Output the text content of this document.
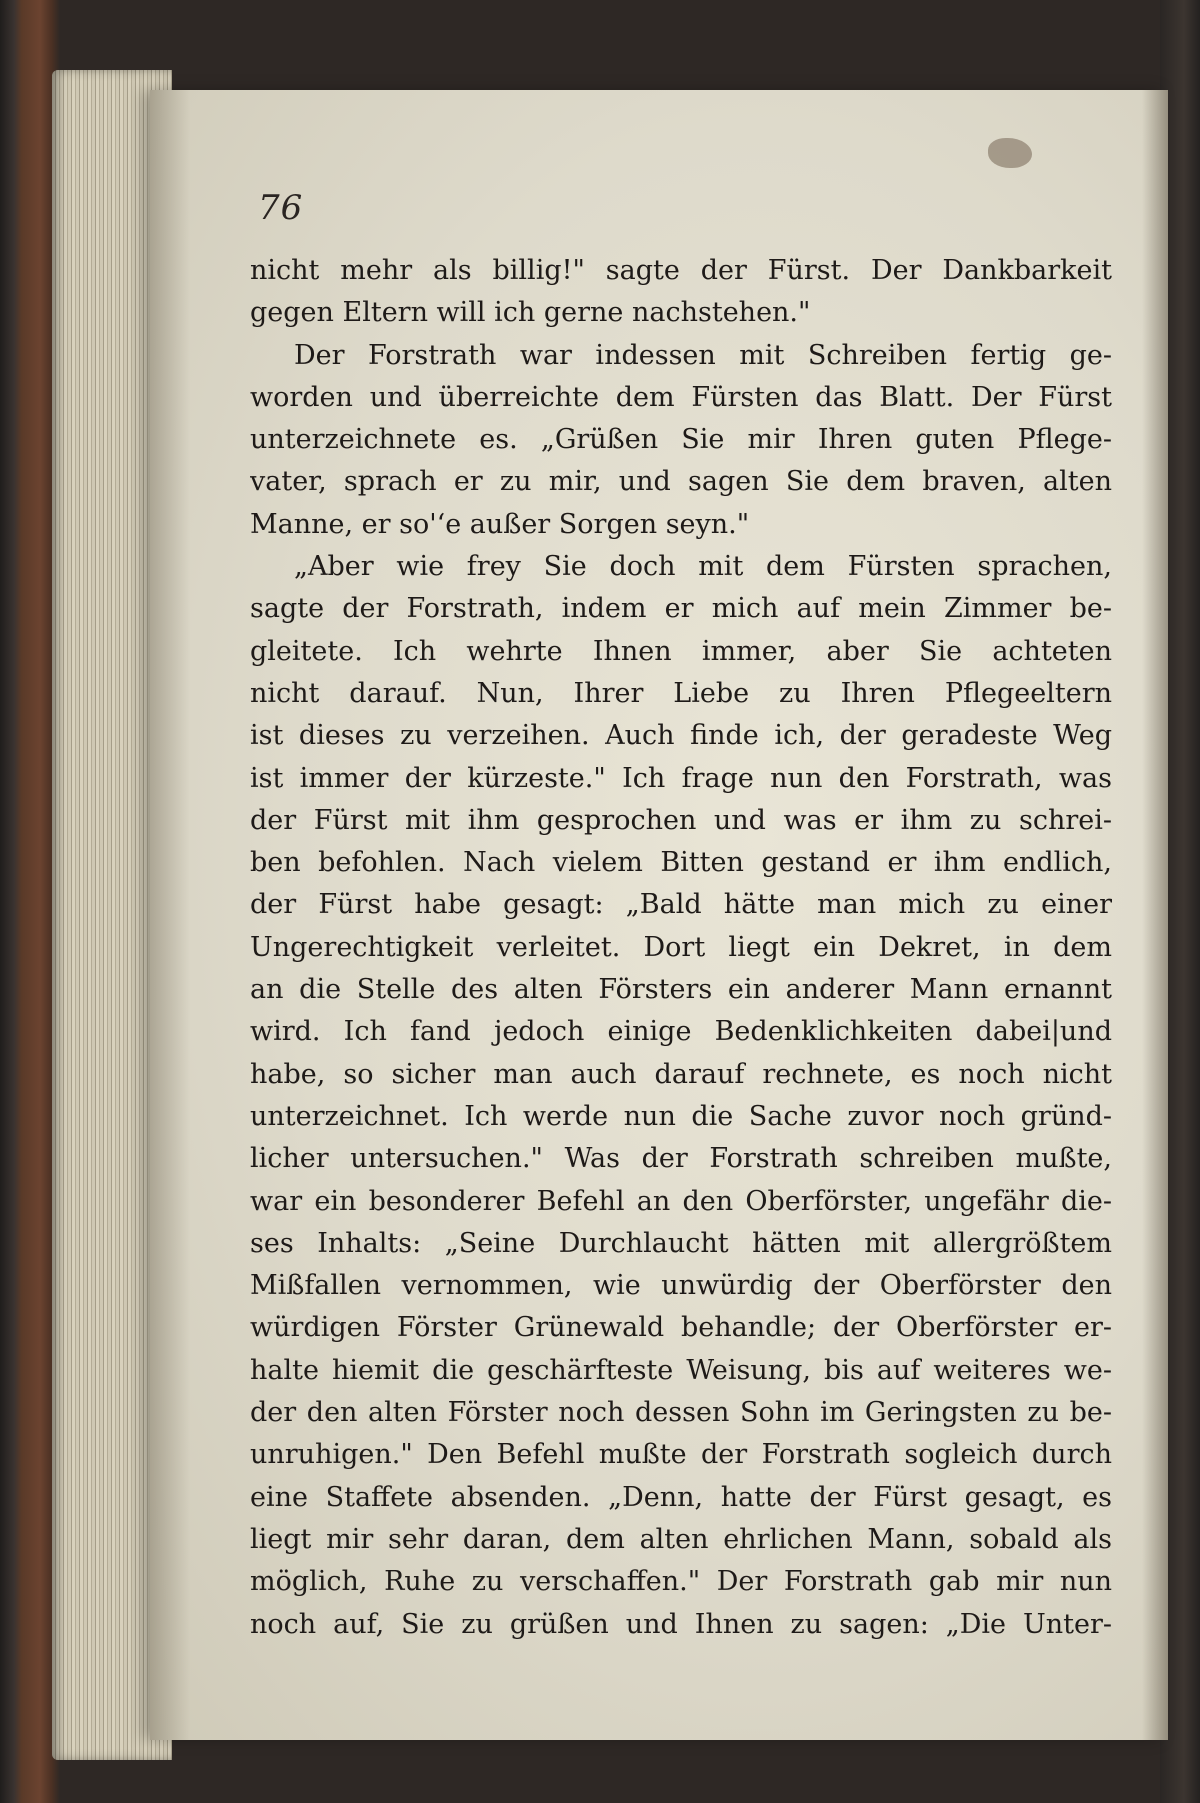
76
nicht mehr als billig!" sagte der Fürst. Der Dankbarkeit
gegen Eltern will ich gerne nachstehen."
Der Forstrath war indessen mit Schreiben fertig ge-
worden und überreichte dem Fürsten das Blatt. Der Fürst
unterzeichnete es. „Grüßen Sie mir Ihren guten Pflege-
vater, sprach er zu mir, und sagen Sie dem braven, alten
Manne, er so'‘e außer Sorgen seyn."
„Aber wie frey Sie doch mit dem Fürsten sprachen,
sagte der Forstrath, indem er mich auf mein Zimmer be-
gleitete. Ich wehrte Ihnen immer, aber Sie achteten
nicht darauf. Nun, Ihrer Liebe zu Ihren Pflegeeltern
ist dieses zu verzeihen. Auch finde ich, der geradeste Weg
ist immer der kürzeste." Ich frage nun den Forstrath, was
der Fürst mit ihm gesprochen und was er ihm zu schrei-
ben befohlen. Nach vielem Bitten gestand er ihm endlich,
der Fürst habe gesagt: „Bald hätte man mich zu einer
Ungerechtigkeit verleitet. Dort liegt ein Dekret, in dem
an die Stelle des alten Försters ein anderer Mann ernannt
wird. Ich fand jedoch einige Bedenklichkeiten dabei|und
habe, so sicher man auch darauf rechnete, es noch nicht
unterzeichnet. Ich werde nun die Sache zuvor noch gründ-
licher untersuchen." Was der Forstrath schreiben mußte,
war ein besonderer Befehl an den Oberförster, ungefähr die-
ses Inhalts: „Seine Durchlaucht hätten mit allergrößtem
Mißfallen vernommen, wie unwürdig der Oberförster den
würdigen Förster Grünewald behandle; der Oberförster er-
halte hiemit die geschärfteste Weisung, bis auf weiteres we-
der den alten Förster noch dessen Sohn im Geringsten zu be-
unruhigen." Den Befehl mußte der Forstrath sogleich durch
eine Staffete absenden. „Denn, hatte der Fürst gesagt, es
liegt mir sehr daran, dem alten ehrlichen Mann, sobald als
möglich, Ruhe zu verschaffen." Der Forstrath gab mir nun
noch auf, Sie zu grüßen und Ihnen zu sagen: „Die Unter-
